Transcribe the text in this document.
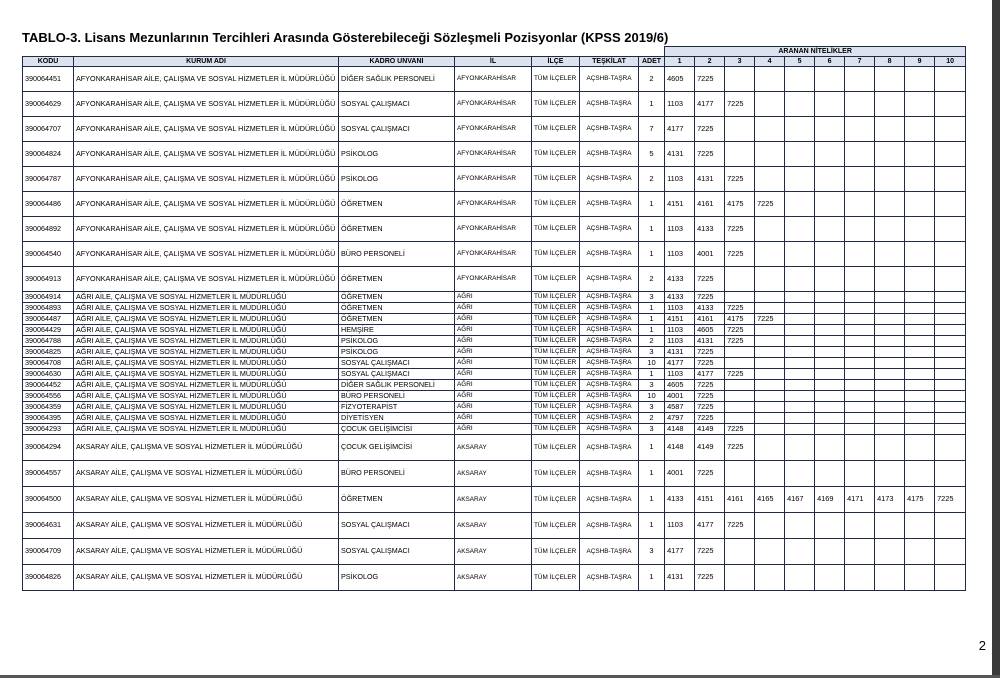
TABLO-3. Lisans Mezunlarının Tercihleri Arasında Gösterebileceği Sözleşmeli Pozisyonlar (KPSS 2019/6)
							ARANAN NİTELİKLER									
KODU	KURUM ADI	KADRO UNVANI	İL	İLÇE	TEŞKİLAT	ADET	1	2	3	4	5	6	7	8	9	10
390064451	AFYONKARAHİSAR AİLE, ÇALIŞMA VE SOSYAL HİZMETLER İL MÜDÜRLÜĞÜ	DİĞER SAĞLIK PERSONELİ	AFYONKARAHİSAR	TÜM İLÇELER	AÇSHB-TAŞRA	2	4605	7225								
390064629	AFYONKARAHİSAR AİLE, ÇALIŞMA VE SOSYAL HİZMETLER İL MÜDÜRLÜĞÜ	SOSYAL ÇALIŞMACI	AFYONKARAHİSAR	TÜM İLÇELER	AÇSHB-TAŞRA	1	1103	4177	7225							
390064707	AFYONKARAHİSAR AİLE, ÇALIŞMA VE SOSYAL HİZMETLER İL MÜDÜRLÜĞÜ	SOSYAL ÇALIŞMACI	AFYONKARAHİSAR	TÜM İLÇELER	AÇSHB-TAŞRA	7	4177	7225								
390064824	AFYONKARAHİSAR AİLE, ÇALIŞMA VE SOSYAL HİZMETLER İL MÜDÜRLÜĞÜ	PSİKOLOG	AFYONKARAHİSAR	TÜM İLÇELER	AÇSHB-TAŞRA	5	4131	7225								
390064787	AFYONKARAHİSAR AİLE, ÇALIŞMA VE SOSYAL HİZMETLER İL MÜDÜRLÜĞÜ	PSİKOLOG	AFYONKARAHİSAR	TÜM İLÇELER	AÇSHB-TAŞRA	2	1103	4131	7225							
390064486	AFYONKARAHİSAR AİLE, ÇALIŞMA VE SOSYAL HİZMETLER İL MÜDÜRLÜĞÜ	ÖĞRETMEN	AFYONKARAHİSAR	TÜM İLÇELER	AÇSHB-TAŞRA	1	4151	4161	4175	7225						
390064892	AFYONKARAHİSAR AİLE, ÇALIŞMA VE SOSYAL HİZMETLER İL MÜDÜRLÜĞÜ	ÖĞRETMEN	AFYONKARAHİSAR	TÜM İLÇELER	AÇSHB-TAŞRA	1	1103	4133	7225							
390064540	AFYONKARAHİSAR AİLE, ÇALIŞMA VE SOSYAL HİZMETLER İL MÜDÜRLÜĞÜ	BÜRO PERSONELİ	AFYONKARAHİSAR	TÜM İLÇELER	AÇSHB-TAŞRA	1	1103	4001	7225							
390064913	AFYONKARAHİSAR AİLE, ÇALIŞMA VE SOSYAL HİZMETLER İL MÜDÜRLÜĞÜ	ÖĞRETMEN	AFYONKARAHİSAR	TÜM İLÇELER	AÇSHB-TAŞRA	2	4133	7225								
390064914	AĞRI AİLE, ÇALIŞMA VE SOSYAL HİZMETLER İL MÜDÜRLÜĞÜ	ÖĞRETMEN	AĞRI	TÜM İLÇELER	AÇSHB-TAŞRA	3	4133	7225								
390064893	AĞRI AİLE, ÇALIŞMA VE SOSYAL HİZMETLER İL MÜDÜRLÜĞÜ	ÖĞRETMEN	AĞRI	TÜM İLÇELER	AÇSHB-TAŞRA	1	1103	4133	7225							
390064487	AĞRI AİLE, ÇALIŞMA VE SOSYAL HİZMETLER İL MÜDÜRLÜĞÜ	ÖĞRETMEN	AĞRI	TÜM İLÇELER	AÇSHB-TAŞRA	1	4151	4161	4175	7225						
390064429	AĞRI AİLE, ÇALIŞMA VE SOSYAL HİZMETLER İL MÜDÜRLÜĞÜ	HEMŞİRE	AĞRI	TÜM İLÇELER	AÇSHB-TAŞRA	1	1103	4605	7225							
390064788	AĞRI AİLE, ÇALIŞMA VE SOSYAL HİZMETLER İL MÜDÜRLÜĞÜ	PSİKOLOG	AĞRI	TÜM İLÇELER	AÇSHB-TAŞRA	2	1103	4131	7225							
390064825	AĞRI AİLE, ÇALIŞMA VE SOSYAL HİZMETLER İL MÜDÜRLÜĞÜ	PSİKOLOG	AĞRI	TÜM İLÇELER	AÇSHB-TAŞRA	3	4131	7225								
390064708	AĞRI AİLE, ÇALIŞMA VE SOSYAL HİZMETLER İL MÜDÜRLÜĞÜ	SOSYAL ÇALIŞMACI	AĞRI	TÜM İLÇELER	AÇSHB-TAŞRA	10	4177	7225								
390064630	AĞRI AİLE, ÇALIŞMA VE SOSYAL HİZMETLER İL MÜDÜRLÜĞÜ	SOSYAL ÇALIŞMACI	AĞRI	TÜM İLÇELER	AÇSHB-TAŞRA	1	1103	4177	7225							
390064452	AĞRI AİLE, ÇALIŞMA VE SOSYAL HİZMETLER İL MÜDÜRLÜĞÜ	DİĞER SAĞLIK PERSONELİ	AĞRI	TÜM İLÇELER	AÇSHB-TAŞRA	3	4605	7225								
390064556	AĞRI AİLE, ÇALIŞMA VE SOSYAL HİZMETLER İL MÜDÜRLÜĞÜ	BÜRO PERSONELİ	AĞRI	TÜM İLÇELER	AÇSHB-TAŞRA	10	4001	7225								
390064359	AĞRI AİLE, ÇALIŞMA VE SOSYAL HİZMETLER İL MÜDÜRLÜĞÜ	FİZYOTERAPİST	AĞRI	TÜM İLÇELER	AÇSHB-TAŞRA	3	4587	7225								
390064395	AĞRI AİLE, ÇALIŞMA VE SOSYAL HİZMETLER İL MÜDÜRLÜĞÜ	DİYETİSYEN	AĞRI	TÜM İLÇELER	AÇSHB-TAŞRA	2	4797	7225								
390064293	AĞRI AİLE, ÇALIŞMA VE SOSYAL HİZMETLER İL MÜDÜRLÜĞÜ	ÇOCUK GELİŞİMCİSİ	AĞRI	TÜM İLÇELER	AÇSHB-TAŞRA	3	4148	4149	7225							
390064294	AKSARAY AİLE, ÇALIŞMA VE SOSYAL HİZMETLER İL MÜDÜRLÜĞÜ	ÇOCUK GELİŞİMCİSİ	AKSARAY	TÜM İLÇELER	AÇSHB-TAŞRA	1	4148	4149	7225							
390064557	AKSARAY AİLE, ÇALIŞMA VE SOSYAL HİZMETLER İL MÜDÜRLÜĞÜ	BÜRO PERSONELİ	AKSARAY	TÜM İLÇELER	AÇSHB-TAŞRA	1	4001	7225								
390064500	AKSARAY AİLE, ÇALIŞMA VE SOSYAL HİZMETLER İL MÜDÜRLÜĞÜ	ÖĞRETMEN	AKSARAY	TÜM İLÇELER	AÇSHB-TAŞRA	1	4133	4151	4161	4165	4167	4169	4171	4173	4175	7225
390064631	AKSARAY AİLE, ÇALIŞMA VE SOSYAL HİZMETLER İL MÜDÜRLÜĞÜ	SOSYAL ÇALIŞMACI	AKSARAY	TÜM İLÇELER	AÇSHB-TAŞRA	1	1103	4177	7225							
390064709	AKSARAY AİLE, ÇALIŞMA VE SOSYAL HİZMETLER İL MÜDÜRLÜĞÜ	SOSYAL ÇALIŞMACI	AKSARAY	TÜM İLÇELER	AÇSHB-TAŞRA	3	4177	7225								
390064826	AKSARAY AİLE, ÇALIŞMA VE SOSYAL HİZMETLER İL MÜDÜRLÜĞÜ	PSİKOLOG	AKSARAY	TÜM İLÇELER	AÇSHB-TAŞRA	1	4131	7225								
2
